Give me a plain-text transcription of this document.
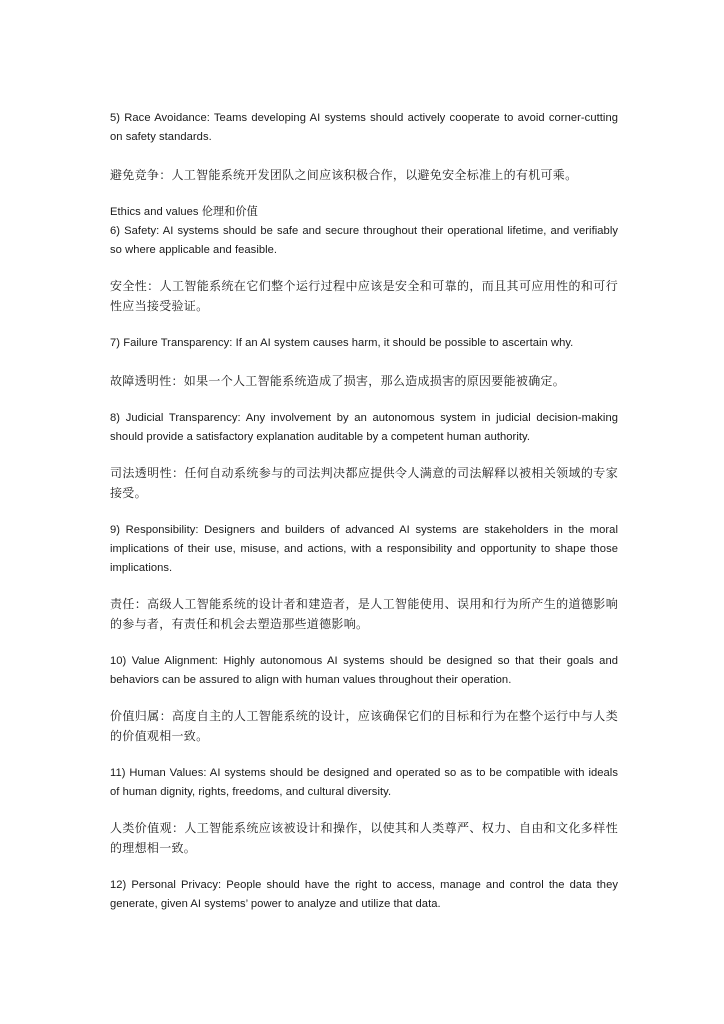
5) Race Avoidance: Teams developing AI systems should actively cooperate to avoid corner-cutting on safety standards.

避免竞争：人工智能系统开发团队之间应该积极合作，以避免安全标准上的有机可乘。

Ethics and values 伦理和价值

6) Safety: AI systems should be safe and secure throughout their operational lifetime, and verifiably so where applicable and feasible.

安全性：人工智能系统在它们整个运行过程中应该是安全和可靠的，而且其可应用性的和可行性应当接受验证。

7) Failure Transparency: If an AI system causes harm, it should be possible to ascertain why.

故障透明性：如果一个人工智能系统造成了损害，那么造成损害的原因要能被确定。

8) Judicial Transparency: Any involvement by an autonomous system in judicial decision-making should provide a satisfactory explanation auditable by a competent human authority.

司法透明性：任何自动系统参与的司法判决都应提供令人满意的司法解释以被相关领域的专家接受。

9) Responsibility: Designers and builders of advanced AI systems are stakeholders in the moral implications of their use, misuse, and actions, with a responsibility and opportunity to shape those implications.

责任：高级人工智能系统的设计者和建造者，是人工智能使用、误用和行为所产生的道德影响的参与者，有责任和机会去塑造那些道德影响。

10) Value Alignment: Highly autonomous AI systems should be designed so that their goals and behaviors can be assured to align with human values throughout their operation.

价值归属：高度自主的人工智能系统的设计，应该确保它们的目标和行为在整个运行中与人类的价值观相一致。

11) Human Values: AI systems should be designed and operated so as to be compatible with ideals of human dignity, rights, freedoms, and cultural diversity.

人类价值观：人工智能系统应该被设计和操作，以使其和人类尊严、权力、自由和文化多样性的理想相一致。

12) Personal Privacy: People should have the right to access, manage and control the data they generate, given AI systems’ power to analyze and utilize that data.
